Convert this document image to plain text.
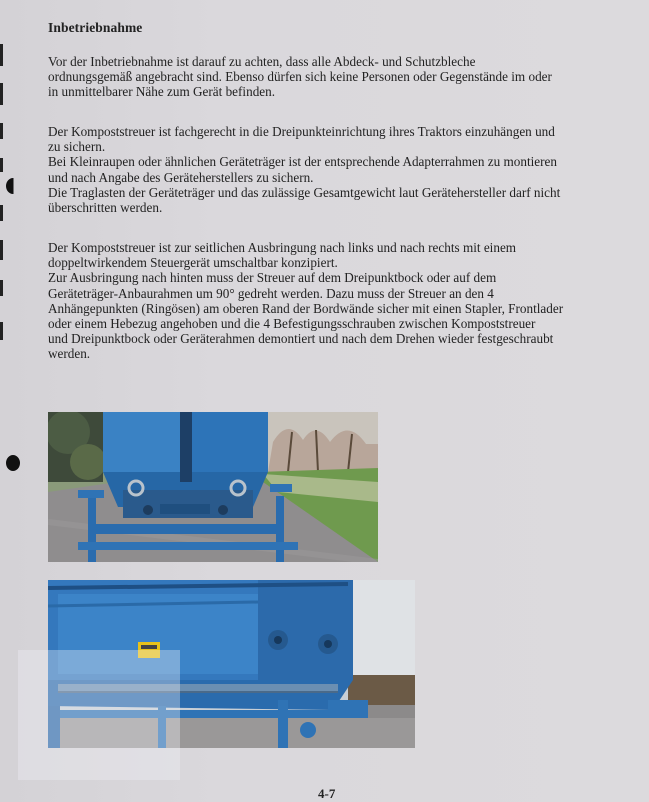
Inbetriebnahme
Vor der Inbetriebnahme ist darauf zu achten, dass alle Abdeck- und Schutzbleche
ordnungsgemäß angebracht sind. Ebenso dürfen sich keine Personen oder Gegenstände im oder
in unmittelbarer Nähe zum Gerät befinden.
Der Kompoststreuer ist fachgerecht in die Dreipunkteinrichtung ihres Traktors einzuhängen und
zu sichern.
Bei Kleinraupen oder ähnlichen Geräteträger ist der entsprechende Adapterrahmen zu montieren
und nach Angabe des Geräteherstellers zu sichern.
Die Traglasten der Geräteträger und das zulässige Gesamtgewicht laut Gerätehersteller darf nicht
überschritten werden.
Der Kompoststreuer ist zur seitlichen Ausbringung nach links und nach rechts mit einem
doppeltwirkendem Steuergerät umschaltbar konzipiert.
Zur Ausbringung nach hinten muss der Streuer auf dem Dreipunktbock oder auf dem
Geräteträger-Anbaurahmen um 90° gedreht werden. Dazu muss der Streuer an den 4
Anhängepunkten (Ringösen) am oberen Rand der Bordwände sicher mit einen Stapler, Frontlader
oder einem Hebezug angehoben und die 4 Befestigungsschrauben zwischen Kompoststreuer
und Dreipunktbock oder Geräterahmen demontiert und nach dem Drehen wieder festgeschraubt
werden.
4-7
